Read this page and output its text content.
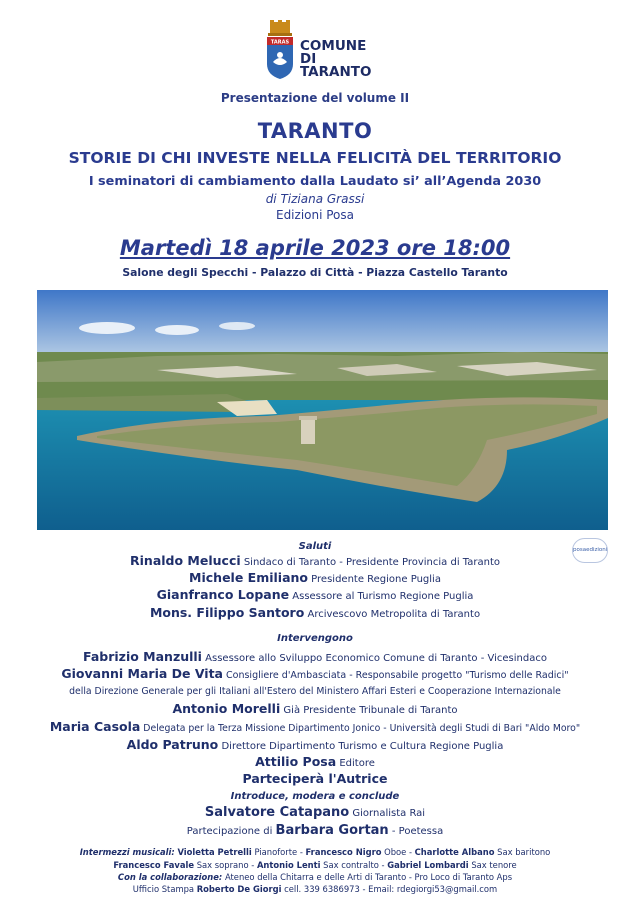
TARAS COMUNE DI
TARANTO
Presentazione del volume II
TARANTO
STORIE DI CHI INVESTE NELLA FELICITÀ DEL TERRITORIO
I seminatori di cambiamento dalla Laudato si’ all’Agenda 2030
di Tiziana Grassi
Edizioni Posa
Martedì 18 aprile 2023 ore 18:00
Salone degli Specchi - Palazzo di Città - Piazza Castello Taranto
posaedizioni
Saluti
Rinaldo Melucci Sindaco di Taranto - Presidente Provincia di Taranto
Michele Emiliano Presidente Regione Puglia
Gianfranco Lopane Assessore al Turismo Regione Puglia
Mons. Filippo Santoro Arcivescovo Metropolita di Taranto
Intervengono
Fabrizio Manzulli Assessore allo Sviluppo Economico Comune di Taranto - Vicesindaco
Giovanni Maria De Vita Consigliere d'Ambasciata - Responsabile progetto "Turismo delle Radici"
della Direzione Generale per gli Italiani all'Estero del Ministero Affari Esteri e Cooperazione Internazionale
Antonio Morelli Già Presidente Tribunale di Taranto
Maria Casola Delegata per la Terza Missione Dipartimento Jonico - Università degli Studi di Bari "Aldo Moro"
Aldo Patruno Direttore Dipartimento Turismo e Cultura Regione Puglia
Attilio Posa Editore
Parteciperà l'Autrice
Introduce, modera e conclude
Salvatore Catapano Giornalista Rai
Partecipazione di Barbara Gortan - Poetessa
Intermezzi musicali: Violetta Petrelli Pianoforte - Francesco Nigro Oboe - Charlotte Albano Sax baritono
Francesco Favale Sax soprano - Antonio Lenti Sax contralto - Gabriel Lombardi Sax tenore
Con la collaborazione: Ateneo della Chitarra e delle Arti di Taranto - Pro Loco di Taranto Aps
Ufficio Stampa Roberto De Giorgi cell. 339 6386973 - Email: rdegiorgi53@gmail.com
